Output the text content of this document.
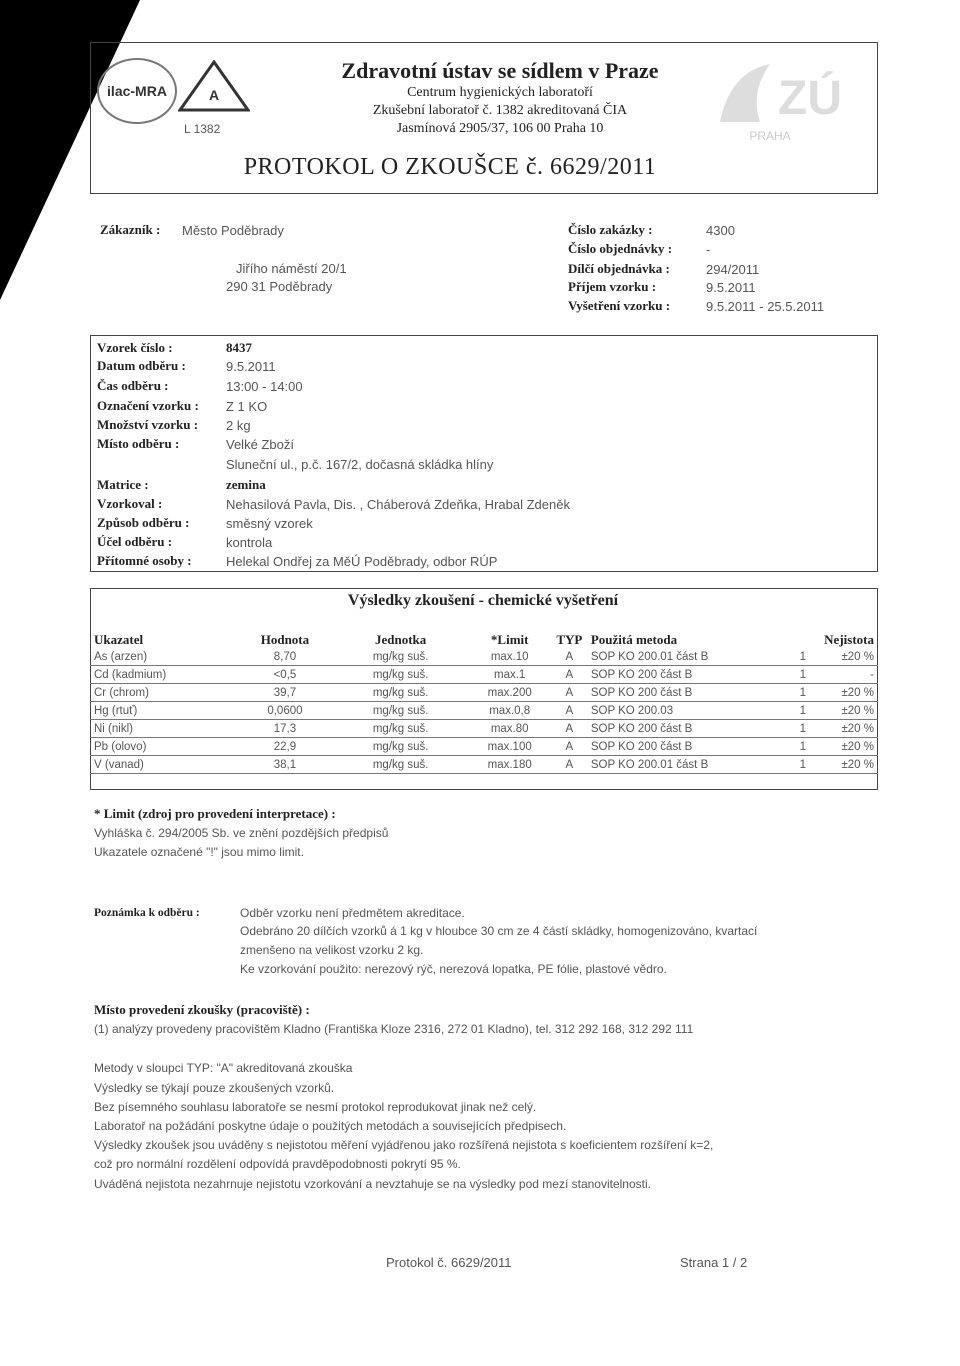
ilac-MRA	A
L 1382
Zdravotní ústav se sídlem v Praze
Centrum hygienických laboratoří
Zkušební laboratoř č. 1382 akreditovaná ČIA
Jasmínová 2905/37, 106 00 Praha 10
ZÚ
PRAHA
PROTOKOL O ZKOUŠCE č. 6629/2011
Zákazník : Město Poděbrady
Jiřího náměstí 20/1
290 31 Poděbrady
Číslo zakázky :	4300
Číslo objednávky :	-
Dílčí objednávka :	294/2011
Příjem vzorku :	9.5.2011
Vyšetření vzorku :	9.5.2011 - 25.5.2011
Vzorek číslo :	8437
Datum odběru :	9.5.2011
Čas odběru :	13:00 - 14:00
Označení vzorku : Z 1 KO
Množství vzorku : 2 kg
Místo odběru :	Velké Zboží
Sluneční ul., p.č. 167/2, dočasná skládka hlíny
Matrice :	zemina
Vzorkoval :	Nehasilová Pavla, Dis. , Cháberová Zdeňka, Hrabal Zdeněk
Způsob odběru :	směsný vzorek
Účel odběru :	kontrola
Přítomné osoby :	Helekal Ondřej za MěÚ Poděbrady, odbor RÚP
Výsledky zkoušení - chemické vyšetření
Ukazatel	Hodnota	Jednotka	*Limit	TYP	Použitá metoda		Nejistota
As (arzen)	8,70	mg/kg suš.	max.10	A	SOP KO 200.01 část B	1	±20 %
Cd (kadmium)	<0,5	mg/kg suš.	max.1	A	SOP KO 200 část B	1	-
Cr (chrom)	39,7	mg/kg suš.	max.200	A	SOP KO 200 část B	1	±20 %
Hg (rtuť)	0,0600	mg/kg suš.	max.0,8	A	SOP KO 200.03	1	±20 %
Ni (nikl)	17,3	mg/kg suš.	max.80	A	SOP KO 200 část B	1	±20 %
Pb (olovo)	22,9	mg/kg suš.	max.100	A	SOP KO 200 část B	1	±20 %
V (vanad)	38,1	mg/kg suš.	max.180	A	SOP KO 200.01 část B	1	±20 %
* Limit (zdroj pro provedení interpretace) :
Vyhláška č. 294/2005 Sb. ve znění pozdějších předpisů
Ukazatele označené "!" jsou mimo limit.
Poznámka k odběru :	Odběr vzorku není předmětem akreditace.
Odebráno 20 dílčích vzorků á 1 kg v hloubce 30 cm ze 4 částí skládky, homogenizováno, kvartací
zmenšeno na velikost vzorku 2 kg.
Ke vzorkování použito: nerezový rýč, nerezová lopatka, PE fólie, plastové vědro.
Místo provedení zkoušky (pracoviště) :
(1) analýzy provedeny pracovištěm Kladno (Františka Kloze 2316, 272 01 Kladno), tel. 312 292 168, 312 292 111
Metody v sloupci TYP: "A" akreditovaná zkouška
Výsledky se týkají pouze zkoušených vzorků.
Bez písemného souhlasu laboratoře se nesmí protokol reprodukovat jinak než celý.
Laboratoř na požádání poskytne údaje o použitých metodách a souvisejících předpisech.
Výsledky zkoušek jsou uváděny s nejistotou měření vyjádřenou jako rozšířená nejistota s koeficientem rozšíření k=2,
což pro normální rozdělení odpovídá pravděpodobnosti pokrytí 95 %.
Uváděná nejistota nezahrnuje nejistotu vzorkování a nevztahuje se na výsledky pod mezí stanovitelnosti.
Protokol č. 6629/2011	Strana 1 / 2
